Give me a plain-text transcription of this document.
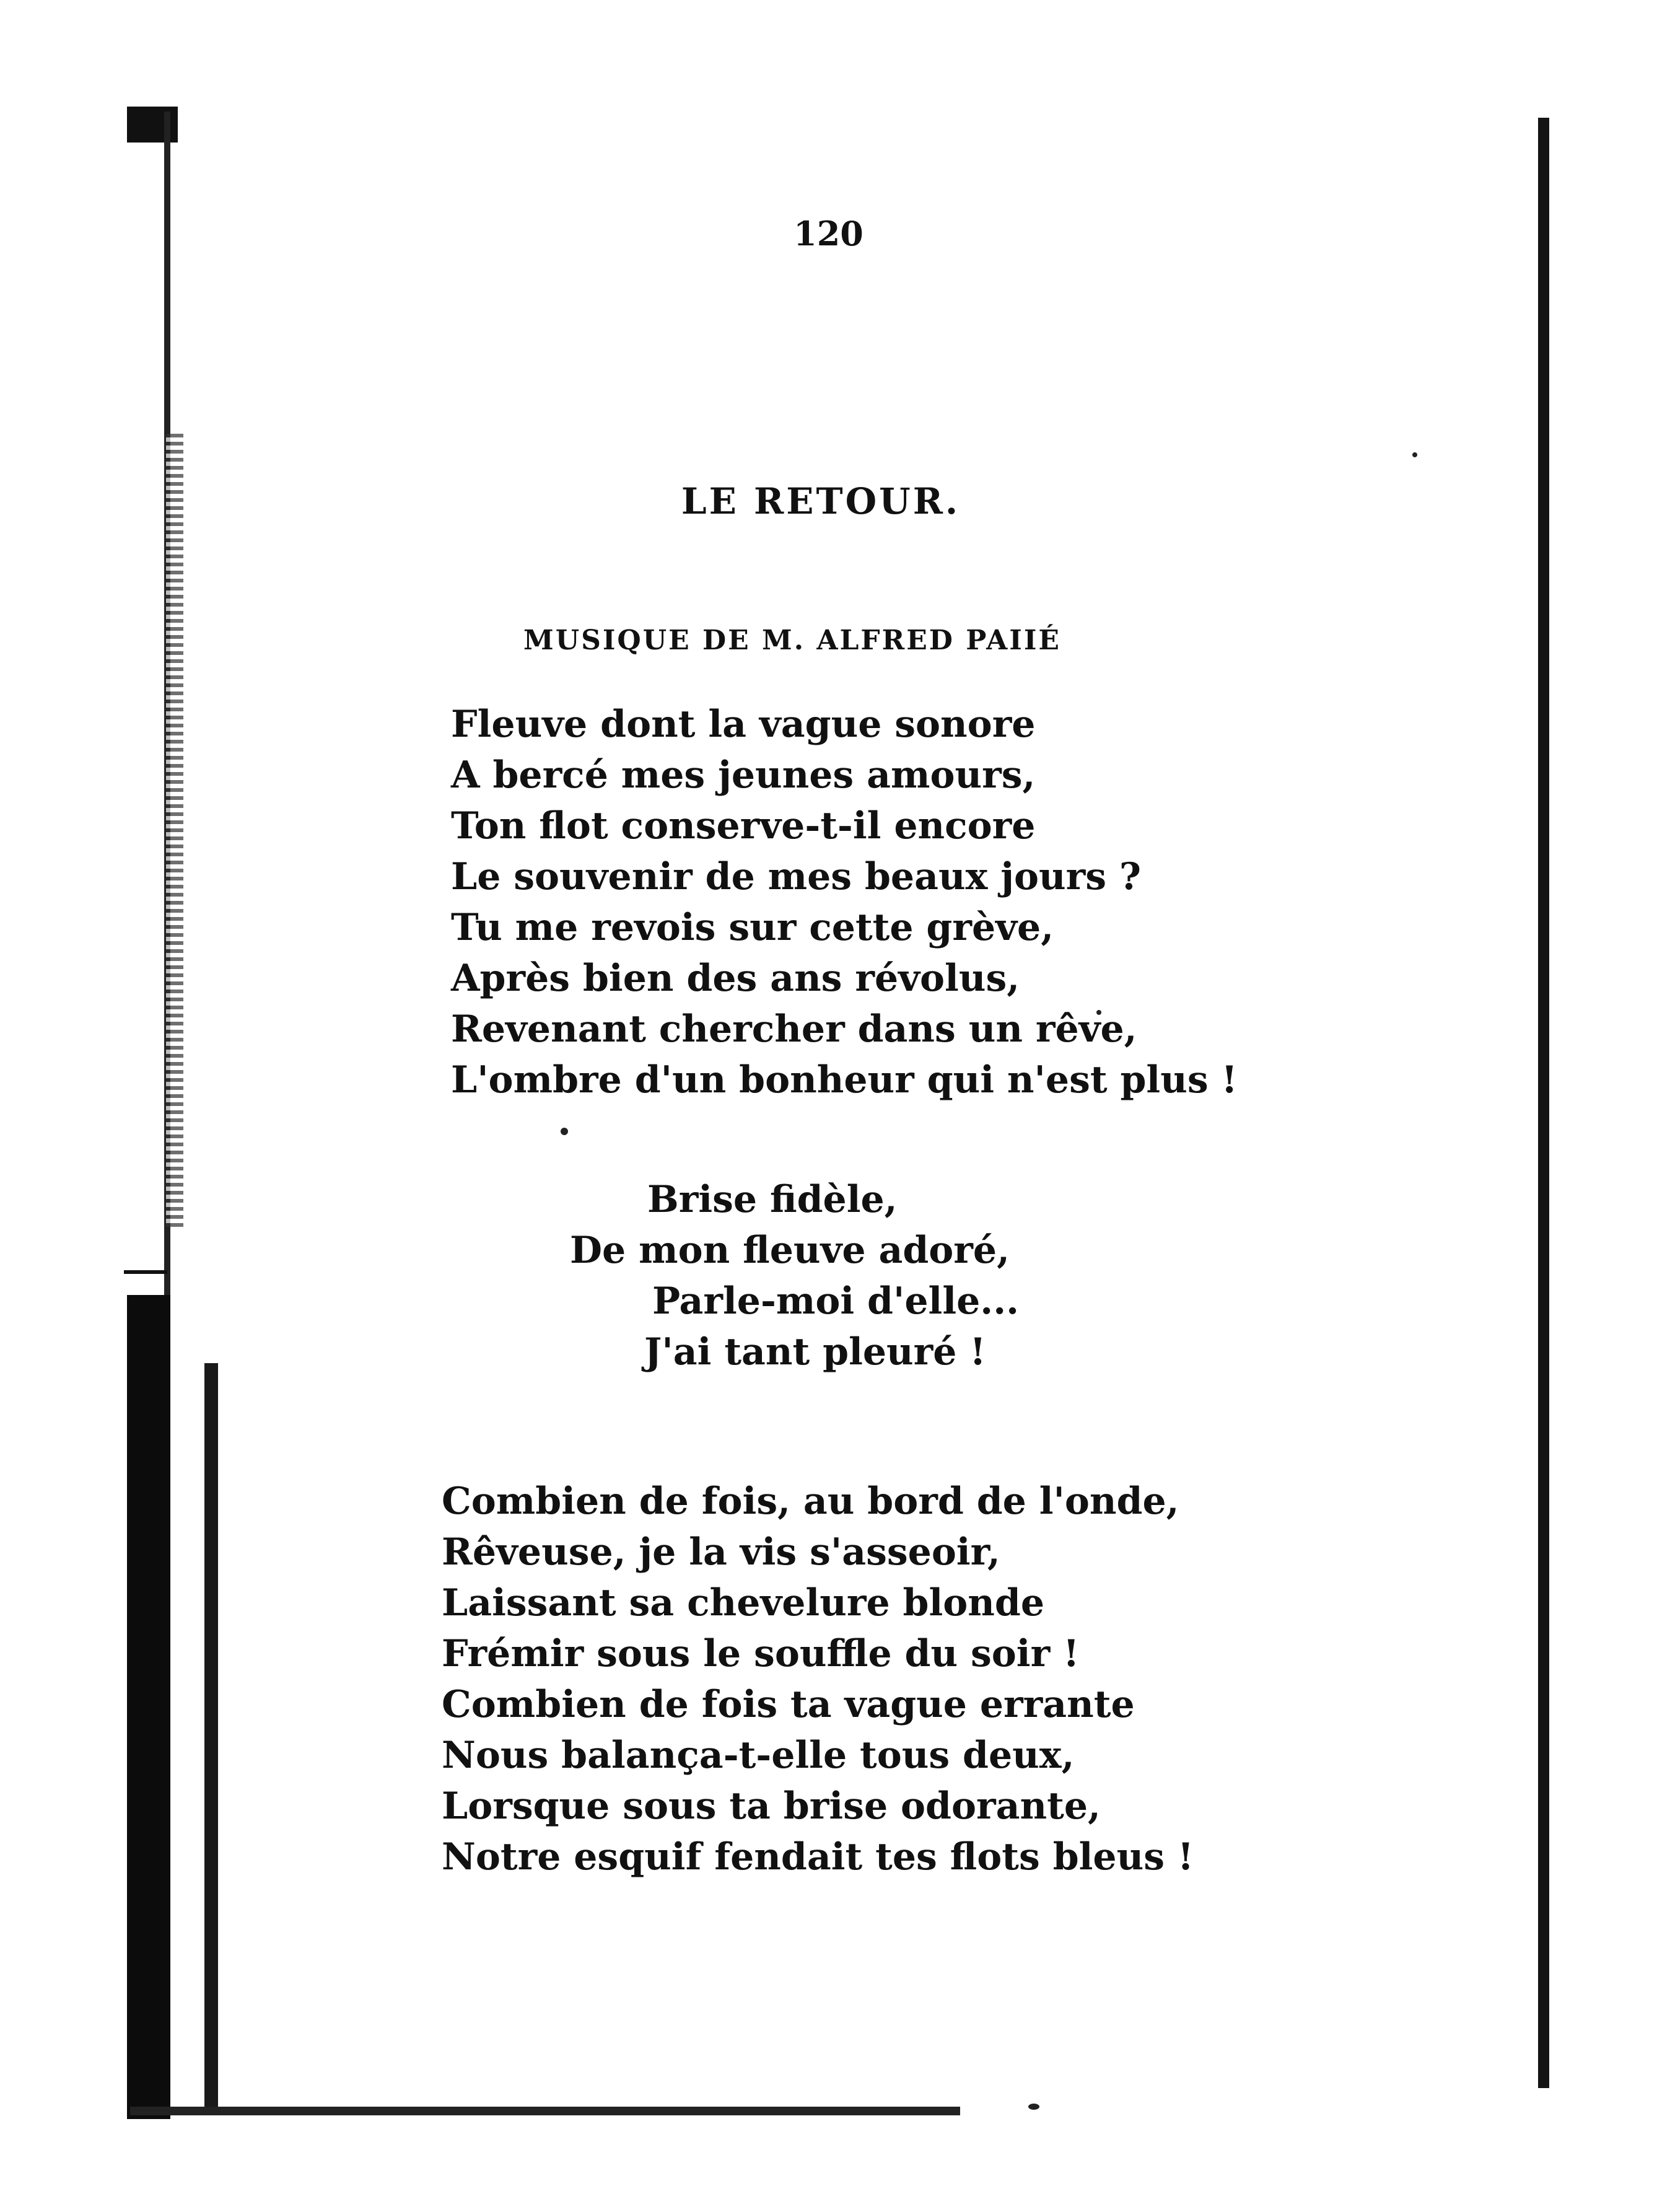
120
LE RETOUR.
MUSIQUE DE M. ALFRED PAIIÉ
Fleuve dont la vague sonore
A bercé mes jeunes amours,
Ton flot conserve-t-il encore
Le souvenir de mes beaux jours ?
Tu me revois sur cette grève,
Après bien des ans révolus,
Revenant chercher dans un rêve,
L'ombre d'un bonheur qui n'est plus !
Brise fidèle,
De mon fleuve adoré,
Parle-moi d'elle...
J'ai tant pleuré !
Combien de fois, au bord de l'onde,
Rêveuse, je la vis s'asseoir,
Laissant sa chevelure blonde
Frémir sous le souffle du soir !
Combien de fois ta vague errante
Nous balança-t-elle tous deux,
Lorsque sous ta brise odorante,
Notre esquif fendait tes flots bleus !
